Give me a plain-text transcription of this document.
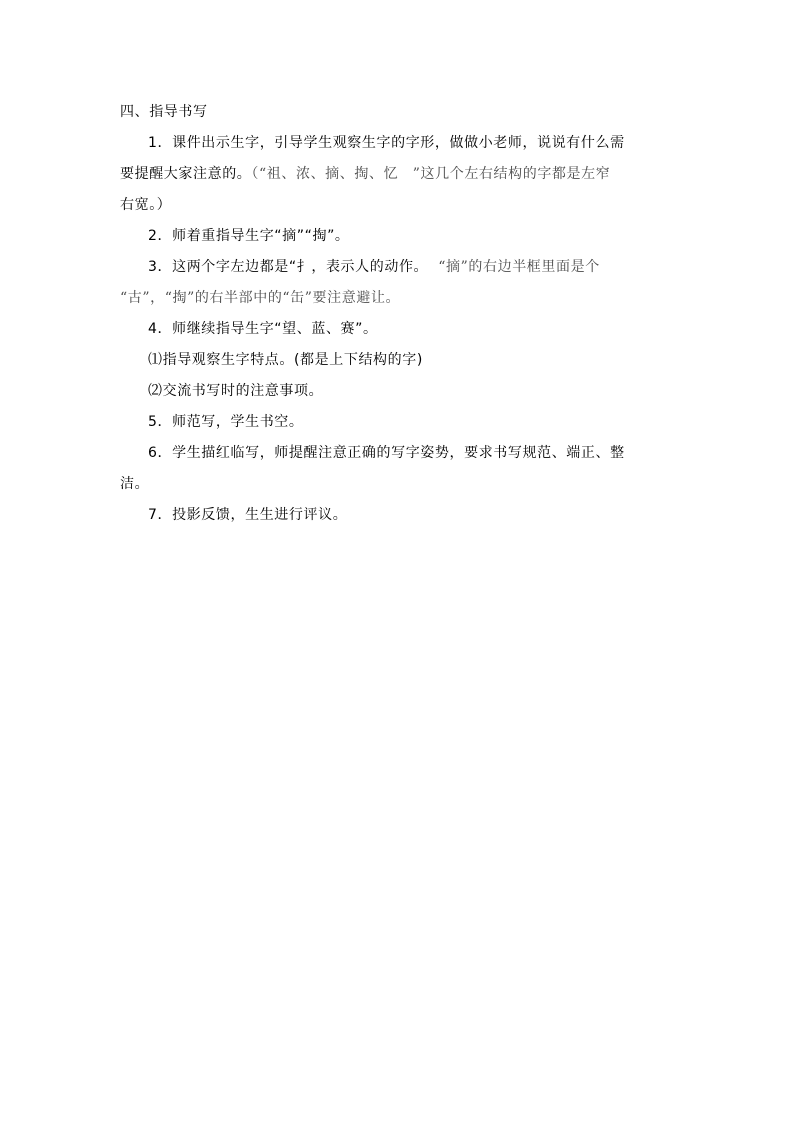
四、指导书写
1．课件出示生字，引导学生观察生字的字形，做做小老师，说说有什么需
要提醒大家注意的。（“祖、浓、摘、掏、忆　”这几个左右结构的字都是左窄
右宽。）
2．师着重指导生字“摘”“掏”。
3．这两个字左边都是“扌，表示人的动作。 “摘”的右边半框里面是个
“古”，“掏”的右半部中的“缶”要注意避让。
4．师继续指导生字“望、蓝、赛”。
⑴指导观察生字特点。(都是上下结构的字)
⑵交流书写时的注意事项。
5．师范写，学生书空。
6．学生描红临写，师提醒注意正确的写字姿势，要求书写规范、端正、整
洁。
7．投影反馈，生生进行评议。
